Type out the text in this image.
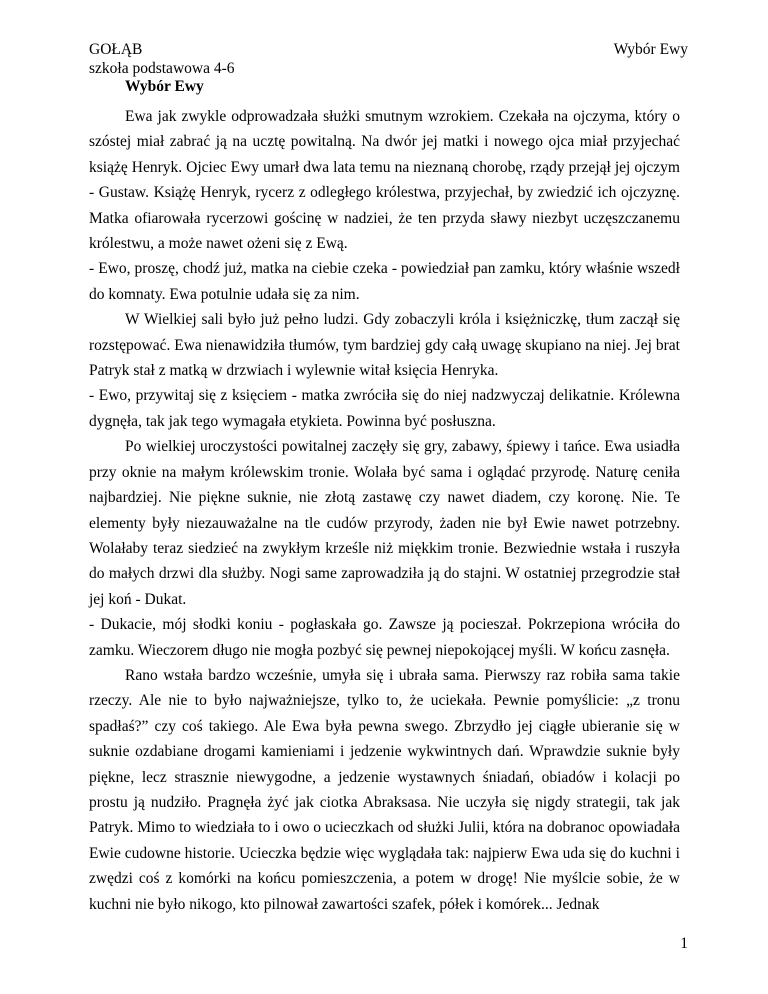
GOŁĄB
szkoła podstawowa 4-6
Wybór Ewy
Wybór Ewy

Ewa jak zwykle odprowadzała służki smutnym wzrokiem. Czekała na ojczyma, który o szóstej miał zabrać ją na ucztę powitalną. Na dwór jej matki i nowego ojca miał przyjechać książę Henryk. Ojciec Ewy umarł dwa lata temu na nieznaną chorobę, rządy przejął jej ojczym - Gustaw. Książę Henryk, rycerz z odległego królestwa, przyjechał, by zwiedzić ich ojczyznę. Matka ofiarowała rycerzowi gościnę w nadziei, że ten przyda sławy niezbyt uczęszczanemu królestwu, a może nawet ożeni się z Ewą.

- Ewo, proszę, chodź już, matka na ciebie czeka - powiedział pan zamku, który właśnie wszedł do komnaty. Ewa potulnie udała się za nim.

W Wielkiej sali było już pełno ludzi. Gdy zobaczyli króla i księżniczkę, tłum zaczął się rozstępować. Ewa nienawidziła tłumów, tym bardziej gdy całą uwagę skupiano na niej. Jej brat Patryk stał z matką w drzwiach i wylewnie witał księcia Henryka.

- Ewo, przywitaj się z księciem - matka zwróciła się do niej nadzwyczaj delikatnie. Królewna dygnęła, tak jak tego wymagała etykieta. Powinna być posłuszna.

Po wielkiej uroczystości powitalnej zaczęły się gry, zabawy, śpiewy i tańce. Ewa usiadła przy oknie na małym królewskim tronie. Wolała być sama i oglądać przyrodę. Naturę ceniła najbardziej. Nie piękne suknie, nie złotą zastawę czy nawet diadem, czy koronę. Nie. Te elementy były niezauważalne na tle cudów przyrody, żaden nie był Ewie nawet potrzebny. Wolałaby teraz siedzieć na zwykłym krześle niż miękkim tronie. Bezwiednie wstała i ruszyła do małych drzwi dla służby. Nogi same zaprowadziła ją do stajni. W ostatniej przegrodzie stał jej koń - Dukat.

- Dukacie, mój słodki koniu - pogłaskała go. Zawsze ją pocieszał. Pokrzepiona wróciła do zamku. Wieczorem długo nie mogła pozbyć się pewnej niepokojącej myśli. W końcu zasnęła.

Rano wstała bardzo wcześnie, umyła się i ubrała sama. Pierwszy raz robiła sama takie rzeczy. Ale nie to było najważniejsze, tylko to, że uciekała. Pewnie pomyślicie: „z tronu spadłaś?” czy coś takiego. Ale Ewa była pewna swego. Zbrzydło jej ciągłe ubieranie się w suknie ozdabiane drogami kamieniami i jedzenie wykwintnych dań. Wprawdzie suknie były piękne, lecz strasznie niewygodne, a jedzenie wystawnych śniadań, obiadów i kolacji po prostu ją nudziło. Pragnęła żyć jak ciotka Abraksasa. Nie uczyła się nigdy strategii, tak jak Patryk. Mimo to wiedziała to i owo o ucieczkach od służki Julii, która na dobranoc opowiadała Ewie cudowne historie. Ucieczka będzie więc wyglądała tak: najpierw Ewa uda się do kuchni i zwędzi coś z komórki na końcu pomieszczenia, a potem w drogę! Nie myślcie sobie, że w kuchni nie było nikogo, kto pilnował zawartości szafek, półek i komórek... Jednak

1
